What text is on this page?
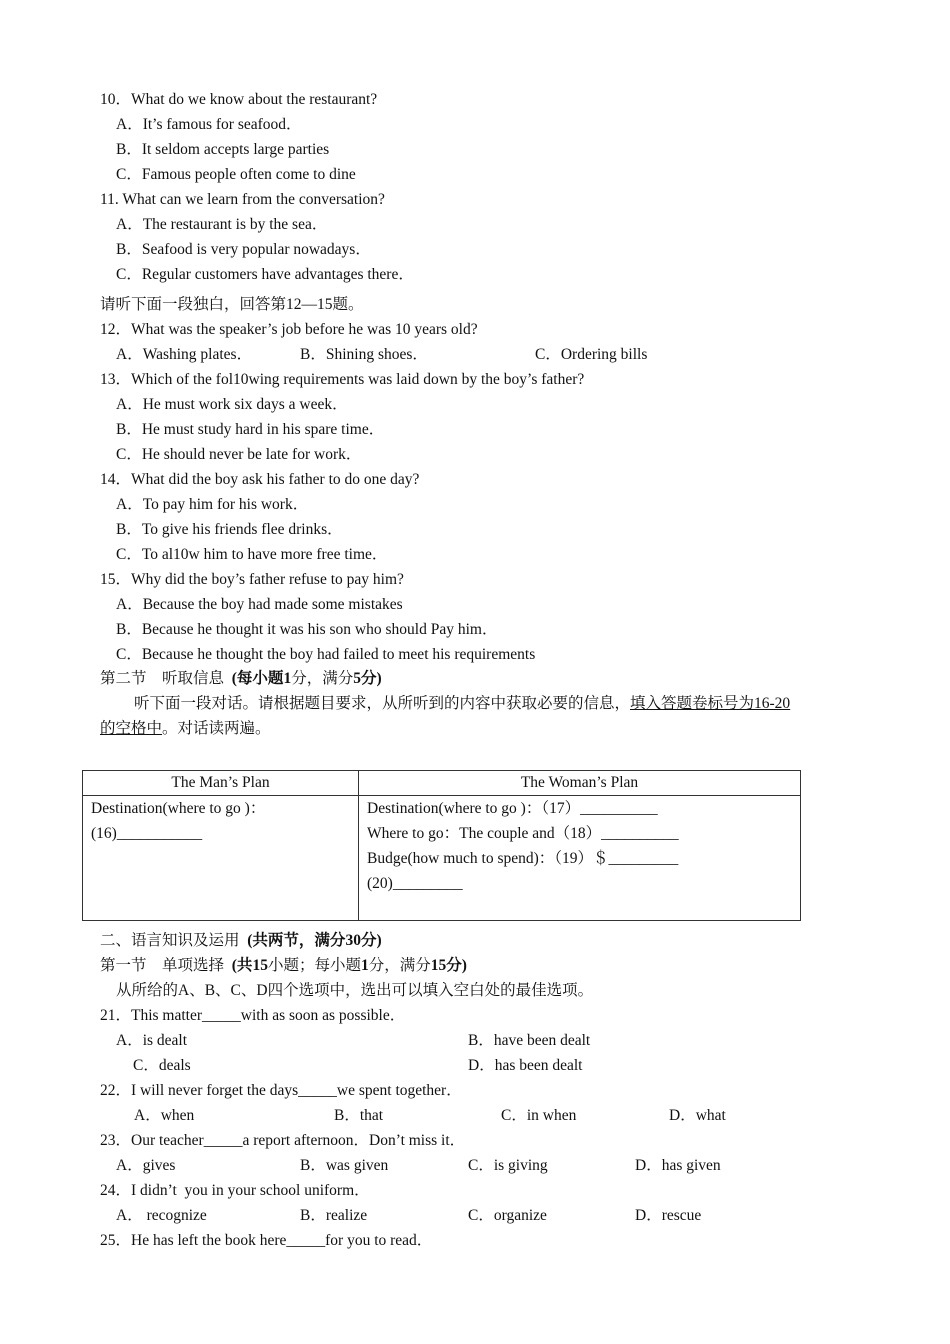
10．What do we know about the restaurant?
A．It’s famous for seafood．
B．It seldom accepts large parties
C．Famous people often come to dine
11. What can we learn from the conversation?
A．The restaurant is by the sea．
B．Seafood is very popular nowadays．
C．Regular customers have advantages there．
请听下面一段独白，回答第12—15题。
12．What was the speaker’s job before he was 10 years old?
A．Washing plates．	B．Shining shoes．	C．Ordering bills
13．Which of the fol10wing requirements was laid down by the boy’s father?
A．He must work six days a week．
B．He must study hard in his spare time．
C．He should never be late for work．
14．What did the boy ask his father to do one day?
A．To pay him for his work．
B．To give his friends flee drinks．
C．To al10w him to have more free time．
15．Why did the boy’s father refuse to pay him?
A．Because the boy had made some mistakes
B．Because he thought it was his son who should Pay him．
C．Because he thought the boy had failed to meet his requirements
第二节　听取信息 (每小题1分，满分5分)
听下面一段对话。请根据题目要求，从所听到的内容中获取必要的信息，填入答题卷标号为16-20
的空格中。对话读两遍。
The Man’s Plan	The Woman’s Plan

Destination(where to go )：
(16)___________	Destination(where to go )：（17）__________
Where to go：The couple and（18）__________
Budge(how much to spend)：（19）＄_________
(20)_________
二、语言知识及运用 (共两节，满分30分)
第一节　单项选择 (共15小题；每小题1分，满分15分)
从所给的A、B、C、D四个选项中，选出可以填入空白处的最佳选项。
21．This matter_____with as soon as possible．
A．is dealt	B．have been dealt
C．deals	D．has been dealt
22．I will never forget the days_____we spent together．
A．when	B．that	C．in when	D．what
23．Our teacher_____a report afternoon．Don’t miss it．
A．gives	B．was given	C．is giving	D．has given
24．I didn’t  you in your school uniform．
A． recognize	B．realize	C．organize	D．rescue
25．He has left the book here_____for you to read．
